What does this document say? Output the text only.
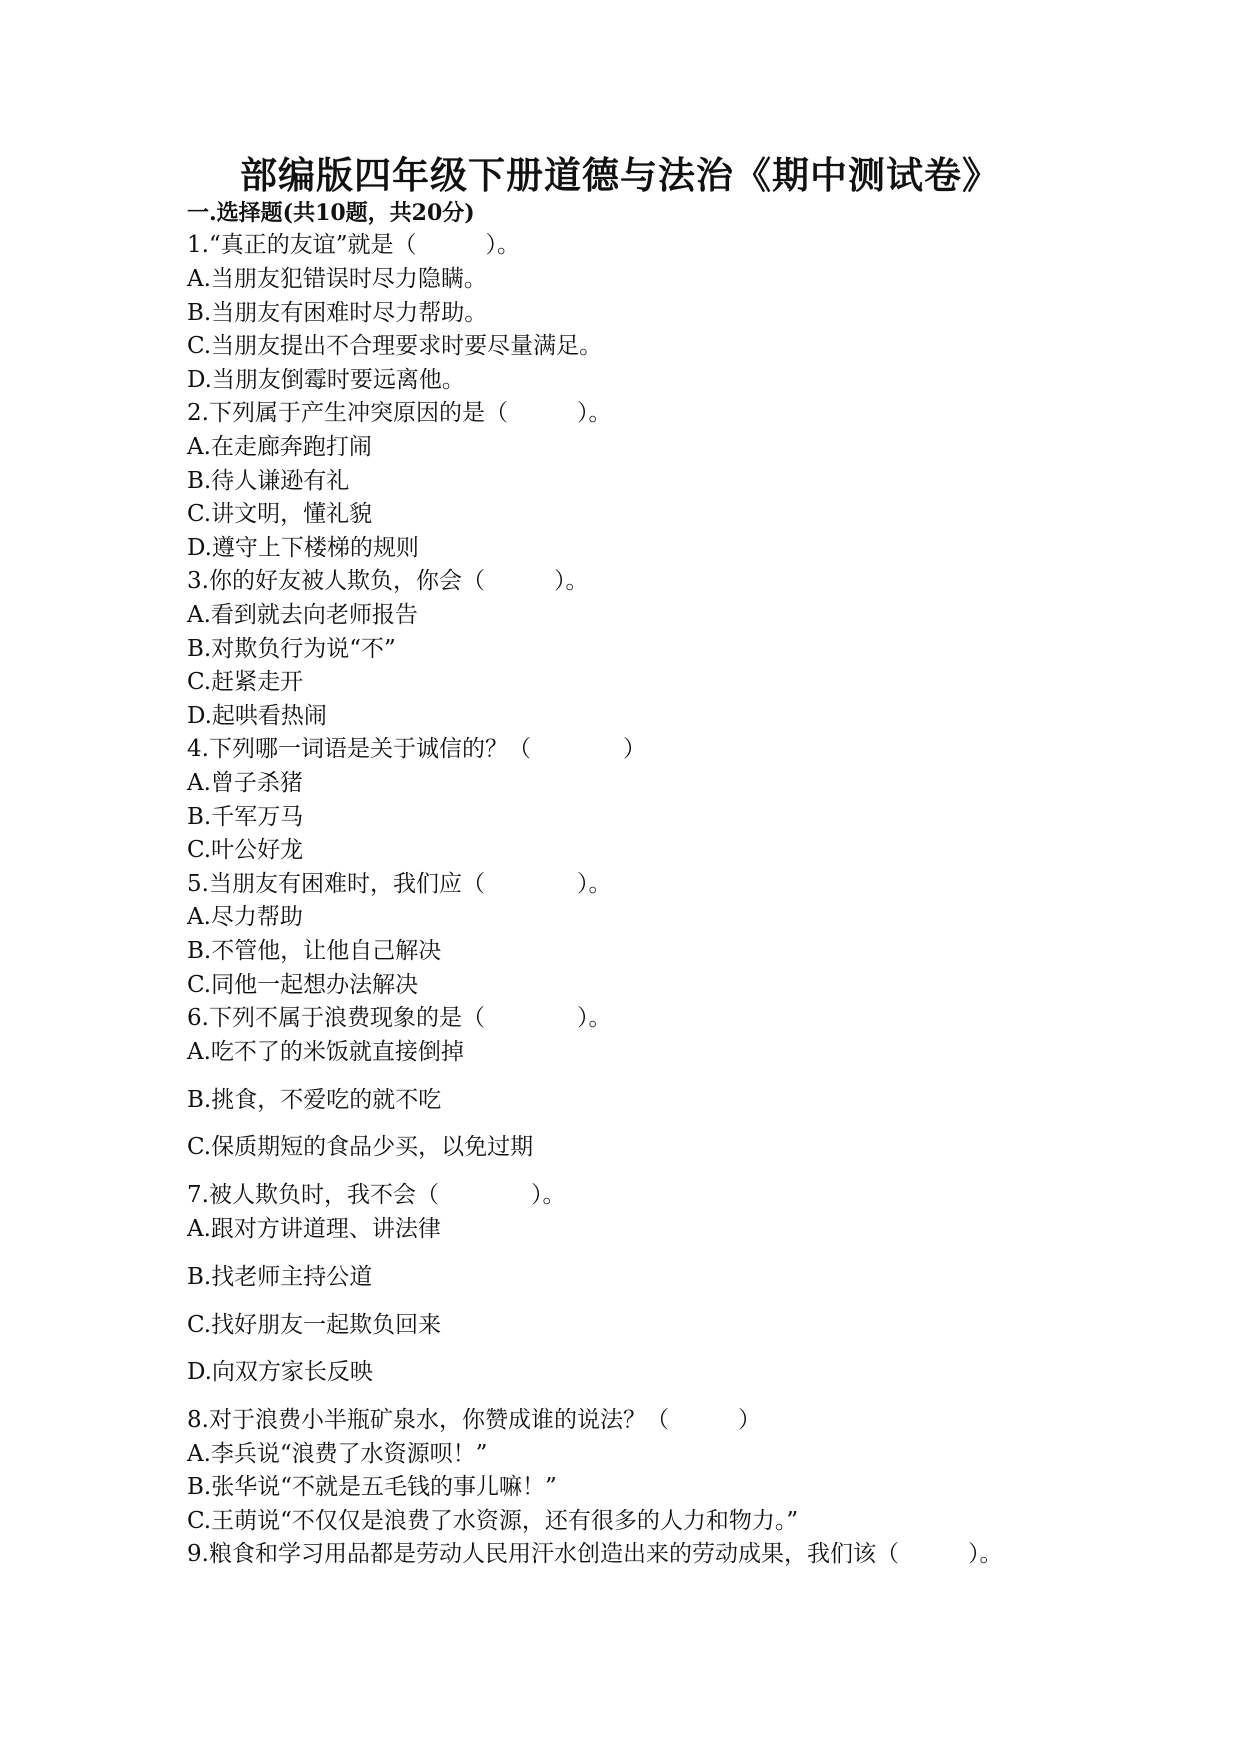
部编版四年级下册道德与法治《期中测试卷》
一.选择题(共10题，共20分)
1.“真正的友谊”就是（　　　）。
A.当朋友犯错误时尽力隐瞒。
B.当朋友有困难时尽力帮助。
C.当朋友提出不合理要求时要尽量满足。
D.当朋友倒霉时要远离他。
2.下列属于产生冲突原因的是（　　　）。
A.在走廊奔跑打闹
B.待人谦逊有礼
C.讲文明，懂礼貌
D.遵守上下楼梯的规则
3.你的好友被人欺负，你会（　　　）。
A.看到就去向老师报告
B.对欺负行为说“不”
C.赶紧走开
D.起哄看热闹
4.下列哪一词语是关于诚信的？（　　　　）
A.曾子杀猪
B.千军万马
C.叶公好龙
5.当朋友有困难时，我们应（　　　　）。
A.尽力帮助
B.不管他，让他自己解决
C.同他一起想办法解决
6.下列不属于浪费现象的是（　　　　）。
A.吃不了的米饭就直接倒掉
B.挑食，不爱吃的就不吃
C.保质期短的食品少买，以免过期
7.被人欺负时，我不会（　　　　）。
A.跟对方讲道理、讲法律
B.找老师主持公道
C.找好朋友一起欺负回来
D.向双方家长反映
8.对于浪费小半瓶矿泉水，你赞成谁的说法？（　　　）
A.李兵说“浪费了水资源呗！”
B.张华说“不就是五毛钱的事儿嘛！”
C.王萌说“不仅仅是浪费了水资源，还有很多的人力和物力。”
9.粮食和学习用品都是劳动人民用汗水创造出来的劳动成果，我们该（　　　）。
